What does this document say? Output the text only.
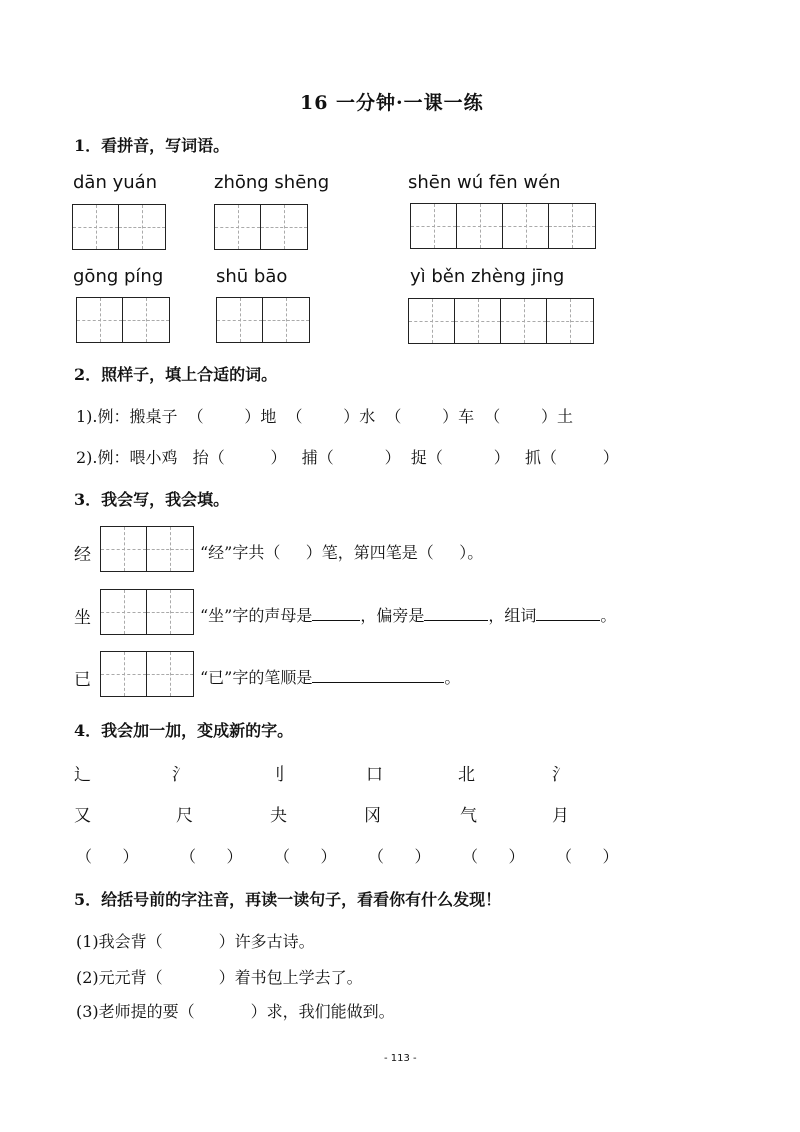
16 一分钟·一课一练
1．看拼音，写词语。
dān yuán	zhōng shēng	shēn wú fēn wén
gōng píng	shū bāo	yì běn zhèng jīng
2．照样子，填上合适的词。
1).例：搬桌子  （        ）地  （        ）水  （        ）车  （        ）土
2).例：喂小鸡   抬（         ）   捕（          ）  捉（          ）   抓（         ）
3．我会写，我会填。
经	“经”字共（     ）笔，第四笔是（     ）。
坐	“坐”字的声母是	，偏旁是	，组词	。
已	“已”字的笔顺是	。
4．我会加一加，变成新的字。
辶	氵	刂	口	北	氵
又	尺	夬	冈	气	月
（      ）	（      ） （      ） （      ） （      ） （      ）
5．给括号前的字注音，再读一读句子，看看你有什么发现！
(1)我会背（           ）许多古诗。
(2)元元背（           ）着书包上学去了。
(3)老师提的要（           ）求，我们能做到。
- 113 -
